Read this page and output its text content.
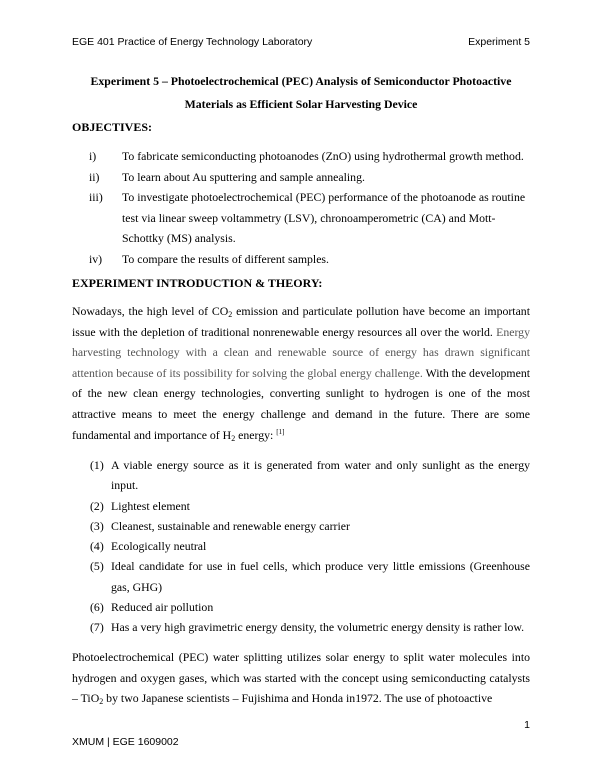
EGE 401 Practice of Energy Technology Laboratory	Experiment 5
Experiment 5 – Photoelectrochemical (PEC) Analysis of Semiconductor Photoactive
Materials as Efficient Solar Harvesting Device
OBJECTIVES:
i) To fabricate semiconducting photoanodes (ZnO) using hydrothermal growth method.
ii) To learn about Au sputtering and sample annealing.
iii) To investigate photoelectrochemical (PEC) performance of the photoanode as routine test via linear sweep voltammetry (LSV), chronoamperometric (CA) and Mott-Schottky (MS) analysis.
iv) To compare the results of different samples.
EXPERIMENT INTRODUCTION & THEORY:
Nowadays, the high level of $CO_2$ emission and particulate pollution have become an important issue with the depletion of traditional nonrenewable energy resources all over the world. Energy harvesting technology with a clean and renewable source of energy has drawn significant attention because of its possibility for solving the global energy challenge. With the development of the new clean energy technologies, converting sunlight to hydrogen is one of the most attractive means to meet the energy challenge and demand in the future. There are some fundamental and importance of $H_2$ energy: [1]
(1) A viable energy source as it is generated from water and only sunlight as the energy input.
(2) Lightest element
(3) Cleanest, sustainable and renewable energy carrier
(4) Ecologically neutral
(5) Ideal candidate for use in fuel cells, which produce very little emissions (Greenhouse gas, GHG)
(6) Reduced air pollution
(7) Has a very high gravimetric energy density, the volumetric energy density is rather low.
Photoelectrochemical (PEC) water splitting utilizes solar energy to split water molecules into hydrogen and oxygen gases, which was started with the concept using semiconducting catalysts – TiO$_2$ by two Japanese scientists – Fujishima and Honda in1972. The use of photoactive
1
XMUM | EGE 1609002
